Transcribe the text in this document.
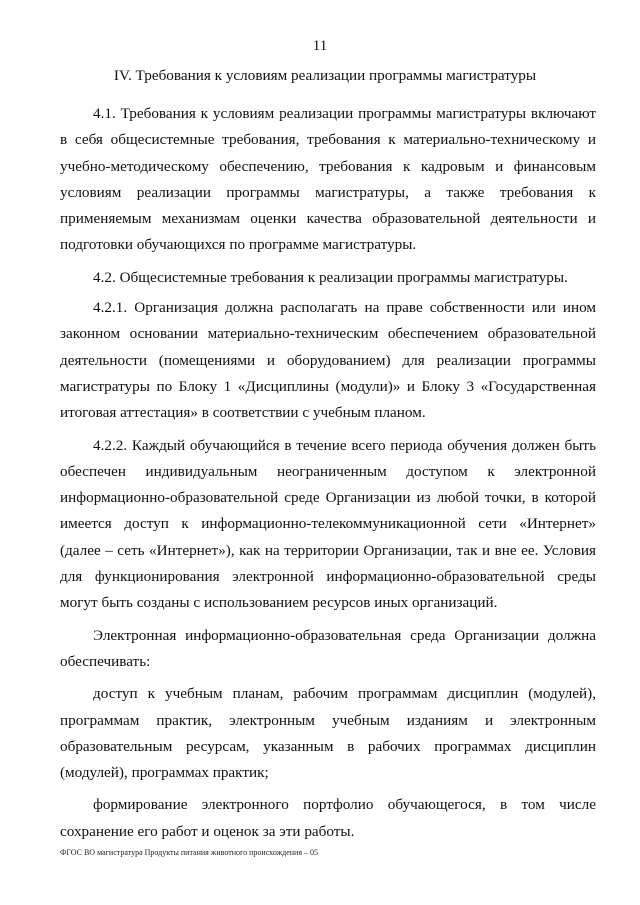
11
IV. Требования к условиям реализации программы магистратуры

4.1. Требования к условиям реализации программы магистратуры включают в себя общесистемные требования, требования к материально-техническому и учебно-методическому обеспечению, требования к кадровым и финансовым условиям реализации программы магистратуры, а также требования к применяемым механизмам оценки качества образовательной деятельности и подготовки обучающихся по программе магистратуры.

4.2. Общесистемные требования к реализации программы магистратуры.

4.2.1. Организация должна располагать на праве собственности или ином законном основании материально-техническим обеспечением образовательной деятельности (помещениями и оборудованием) для реализации программы магистратуры по Блоку 1 «Дисциплины (модули)» и Блоку 3 «Государственная итоговая аттестация» в соответствии с учебным планом.

4.2.2. Каждый обучающийся в течение всего периода обучения должен быть обеспечен индивидуальным неограниченным доступом к электронной информационно-образовательной среде Организации из любой точки, в которой имеется доступ к информационно-телекоммуникационной сети «Интернет» (далее – сеть «Интернет»), как на территории Организации, так и вне ее. Условия для функционирования электронной информационно-образовательной среды могут быть созданы с использованием ресурсов иных организаций.

Электронная информационно-образовательная среда Организации должна обеспечивать:

доступ к учебным планам, рабочим программам дисциплин (модулей), программам практик, электронным учебным изданиям и электронным образовательным ресурсам, указанным в рабочих программах дисциплин (модулей), программах практик;

формирование электронного портфолио обучающегося, в том числе сохранение его работ и оценок за эти работы.

ФГОС ВО магистратура Продукты питания животного происхождения – 05
